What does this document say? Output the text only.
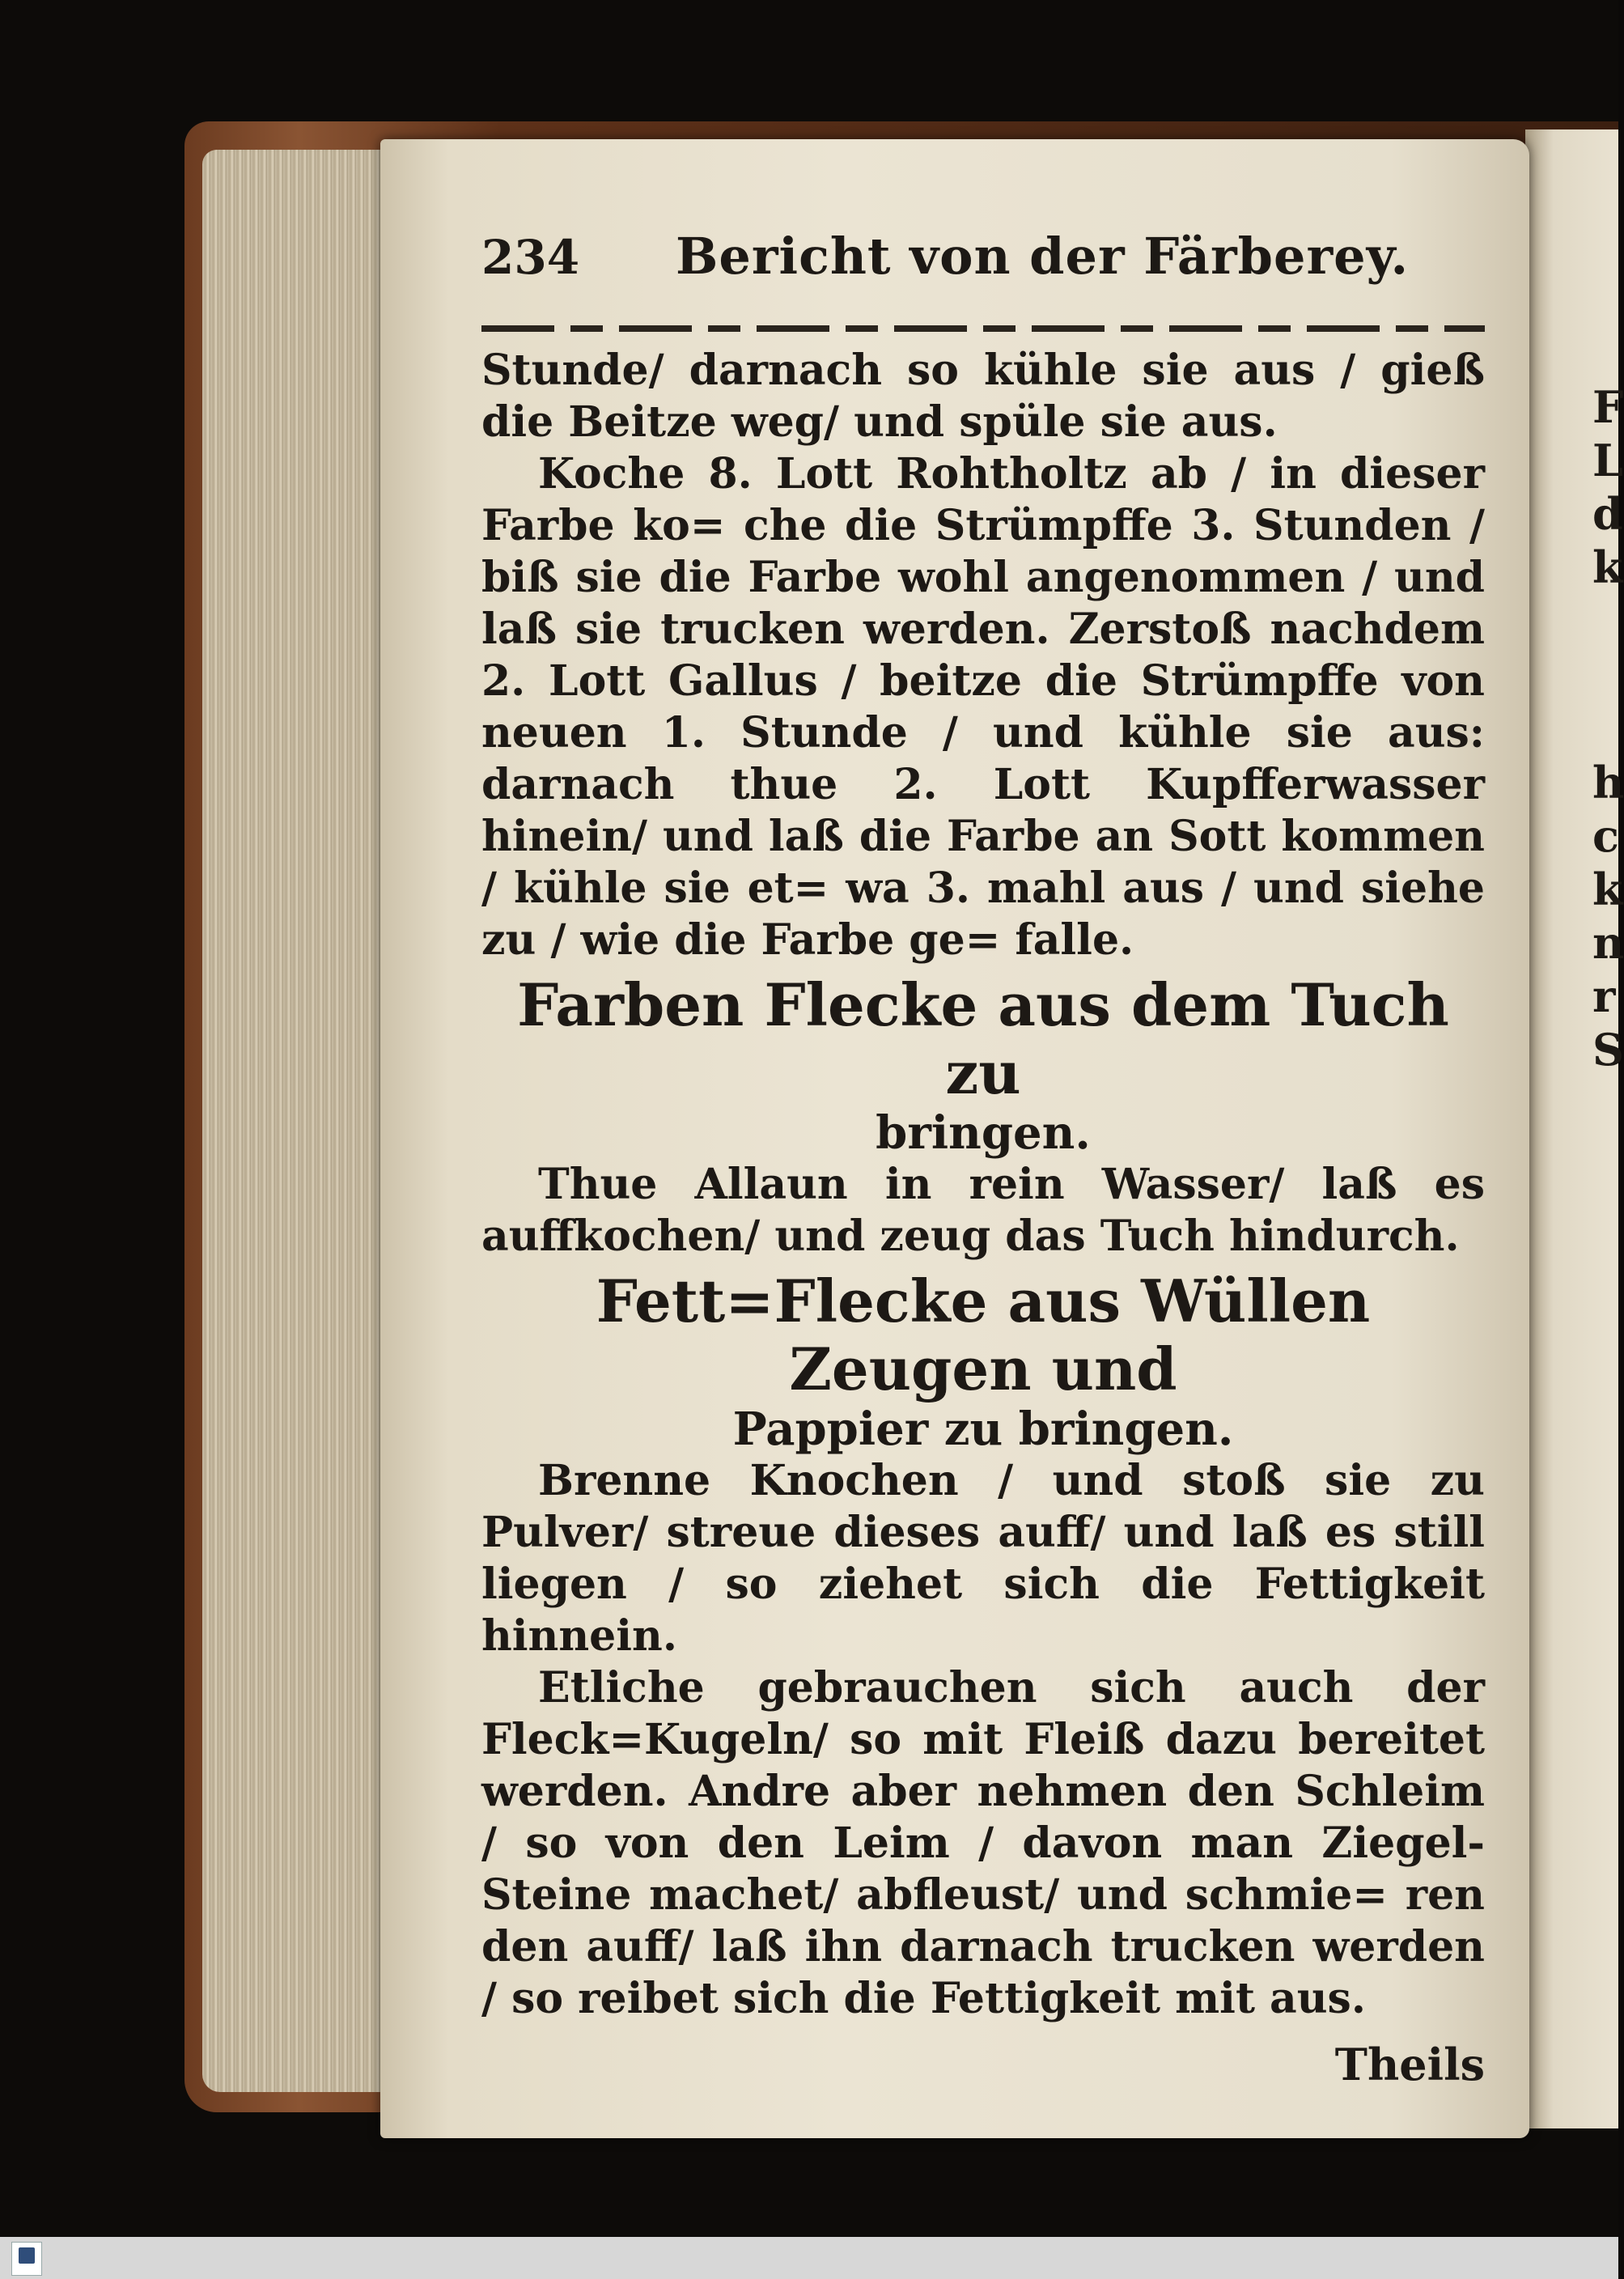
F
L
d
k
h
c
k
n
r
S
234	Bericht von der Färberey.

Stunde/ darnach so kühle sie aus / gieß die Beitze weg/ und spüle sie aus.

Koche 8. Lott Rohtholtz ab / in dieser Farbe ko= che die Strümpffe 3. Stunden / biß sie die Farbe wohl angenommen / und laß sie trucken werden. Zerstoß nachdem 2. Lott Gallus / beitze die Strümpffe von neuen 1. Stunde / und kühle sie aus: darnach thue 2. Lott Kupfferwasser hinein/ und laß die Farbe an Sott kommen / kühle sie et= wa 3. mahl aus / und siehe zu / wie die Farbe ge= falle.

Farben Flecke aus dem Tuch zu
bringen.

Thue Allaun in rein Wasser/ laß es auffkochen/ und zeug das Tuch hindurch.

Fett=Flecke aus Wüllen Zeugen und
Pappier zu bringen.

Brenne Knochen / und stoß sie zu Pulver/ streue dieses auff/ und laß es still liegen / so ziehet sich die Fettigkeit hinnein.

Etliche gebrauchen sich auch der Fleck=Kugeln/ so mit Fleiß dazu bereitet werden. Andre aber nehmen den Schleim / so von den Leim / davon man Ziegel-Steine machet/ abfleust/ und schmie= ren den auff/ laß ihn darnach trucken werden / so reibet sich die Fettigkeit mit aus.

Theils
